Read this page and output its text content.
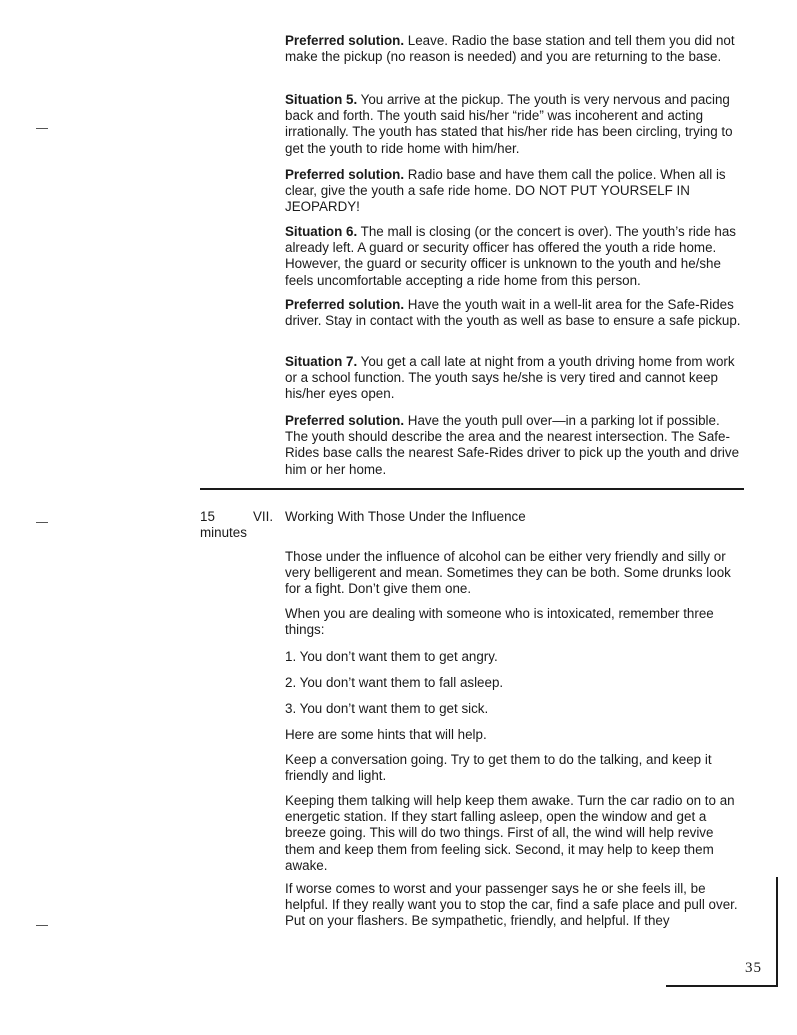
Preferred solution. Leave. Radio the base station and tell them you did not make the pickup (no reason is needed) and you are returning to the base.

Situation 5. You arrive at the pickup. The youth is very nervous and pacing back and forth. The youth said his/her “ride” was incoherent and acting irrationally. The youth has stated that his/her ride has been circling, trying to get the youth to ride home with him/her.

Preferred solution. Radio base and have them call the police. When all is clear, give the youth a safe ride home. DO NOT PUT YOURSELF IN JEOPARDY!

Situation 6. The mall is closing (or the concert is over). The youth’s ride has already left. A guard or security officer has offered the youth a ride home. However, the guard or security officer is unknown to the youth and he/she feels uncomfortable accepting a ride home from this person.

Preferred solution. Have the youth wait in a well-lit area for the Safe-Rides driver. Stay in contact with the youth as well as base to ensure a safe pickup.

Situation 7. You get a call late at night from a youth driving home from work or a school function. The youth says he/she is very tired and cannot keep his/her eyes open.

Preferred solution. Have the youth pull over—in a parking lot if possible. The youth should describe the area and the nearest intersection. The Safe-Rides base calls the nearest Safe-Rides driver to pick up the youth and drive him or her home.

15

minutes

VII. Working With Those Under the Influence

Those under the influence of alcohol can be either very friendly and silly or very belligerent and mean. Sometimes they can be both. Some drunks look for a fight. Don’t give them one.

When you are dealing with someone who is intoxicated, remember three things:

1. You don’t want them to get angry.

2. You don’t want them to fall asleep.

3. You don’t want them to get sick.

Here are some hints that will help.

Keep a conversation going. Try to get them to do the talking, and keep it friendly and light.

Keeping them talking will help keep them awake. Turn the car radio on to an energetic station. If they start falling asleep, open the window and get a breeze going. This will do two things. First of all, the wind will help revive them and keep them from feeling sick. Second, it may help to keep them awake.

If worse comes to worst and your passenger says he or she feels ill, be helpful. If they really want you to stop the car, find a safe place and pull over. Put on your flashers. Be sympathetic, friendly, and helpful. If they

35
